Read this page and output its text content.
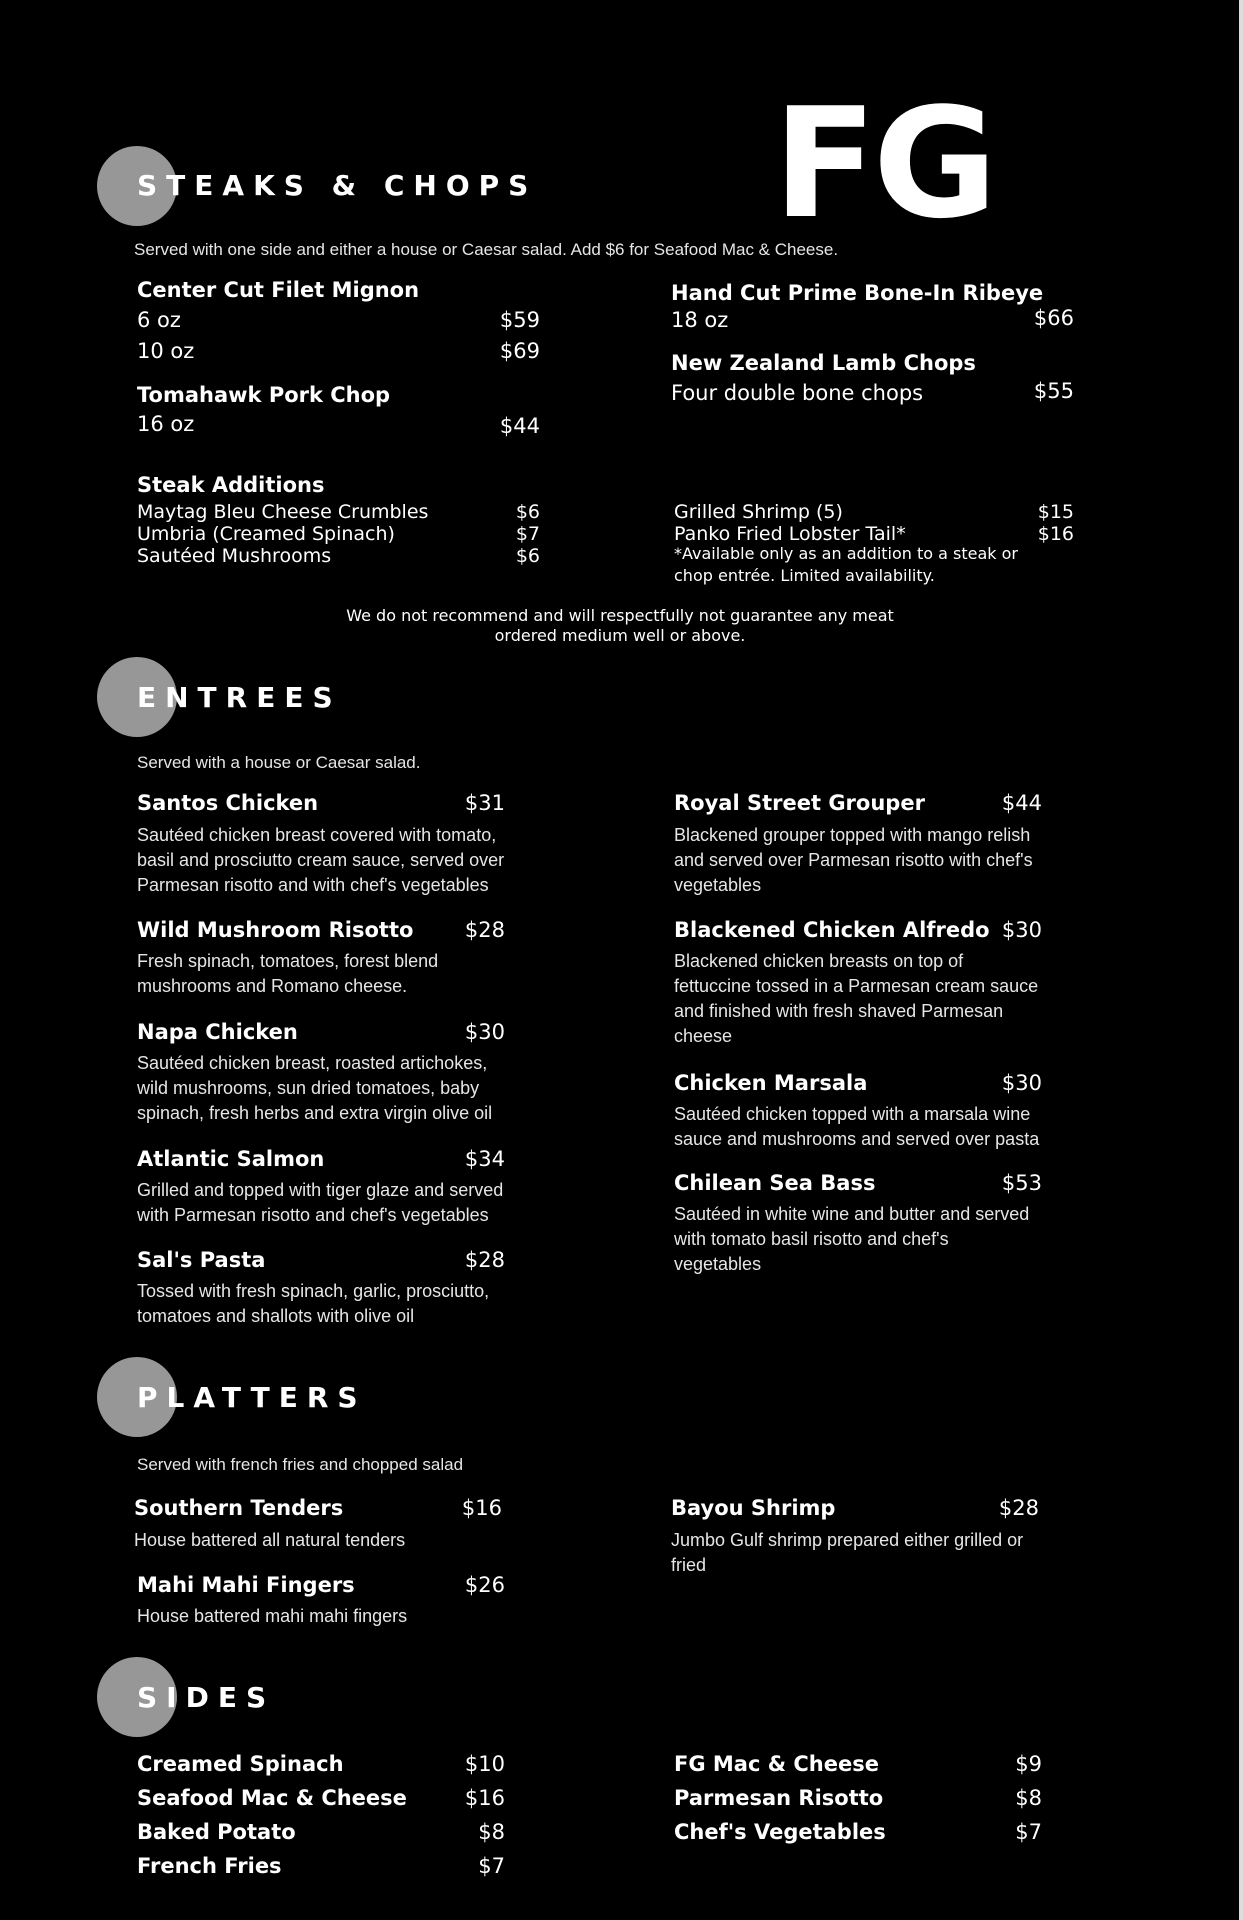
FG
STEAKS & CHOPS
Served with one side and either a house or Caesar salad. Add $6 for Seafood Mac & Cheese.
Center Cut Filet Mignon
6 oz	$59
10 oz	$69
Tomahawk Pork Chop
16 oz	$44
Hand Cut Prime Bone-In Ribeye
18 oz	$66
New Zealand Lamb Chops
Four double bone chops	$55
Steak Additions
Maytag Bleu Cheese Crumbles	$6
Umbria (Creamed Spinach)	$7
Sautéed Mushrooms	$6
Grilled Shrimp (5)	$15
Panko Fried Lobster Tail*	$16
*Available only as an addition to a steak or
chop entrée. Limited availability.
We do not recommend and will respectfully not guarantee any meat
ordered medium well or above.
ENTREES
Served with a house or Caesar salad.
Santos Chicken	$31
Sautéed chicken breast covered with tomato,
basil and prosciutto cream sauce, served over
Parmesan risotto and with chef's vegetables
Wild Mushroom Risotto	$28
Fresh spinach, tomatoes, forest blend
mushrooms and Romano cheese.
Napa Chicken	$30
Sautéed chicken breast, roasted artichokes,
wild mushrooms, sun dried tomatoes, baby
spinach, fresh herbs and extra virgin olive oil
Atlantic Salmon	$34
Grilled and topped with tiger glaze and served
with Parmesan risotto and chef's vegetables
Sal's Pasta	$28
Tossed with fresh spinach, garlic, prosciutto,
tomatoes and shallots with olive oil
Royal Street Grouper	$44
Blackened grouper topped with mango relish
and served over Parmesan risotto with chef's
vegetables
Blackened Chicken Alfredo $30
Blackened chicken breasts on top of
fettuccine tossed in a Parmesan cream sauce
and finished with fresh shaved Parmesan
cheese
Chicken Marsala	$30
Sautéed chicken topped with a marsala wine
sauce and mushrooms and served over pasta
Chilean Sea Bass	$53
Sautéed in white wine and butter and served
with tomato basil risotto and chef's
vegetables
PLATTERS
Served with french fries and chopped salad
Southern Tenders	$16
House battered all natural tenders
Mahi Mahi Fingers	$26
House battered mahi mahi fingers
Bayou Shrimp	$28
Jumbo Gulf shrimp prepared either grilled or
fried
SIDES
Creamed Spinach	$10
Seafood Mac & Cheese	$16
Baked Potato	$8
French Fries	$7
FG Mac & Cheese	$9
Parmesan Risotto	$8
Chef's Vegetables	$7
